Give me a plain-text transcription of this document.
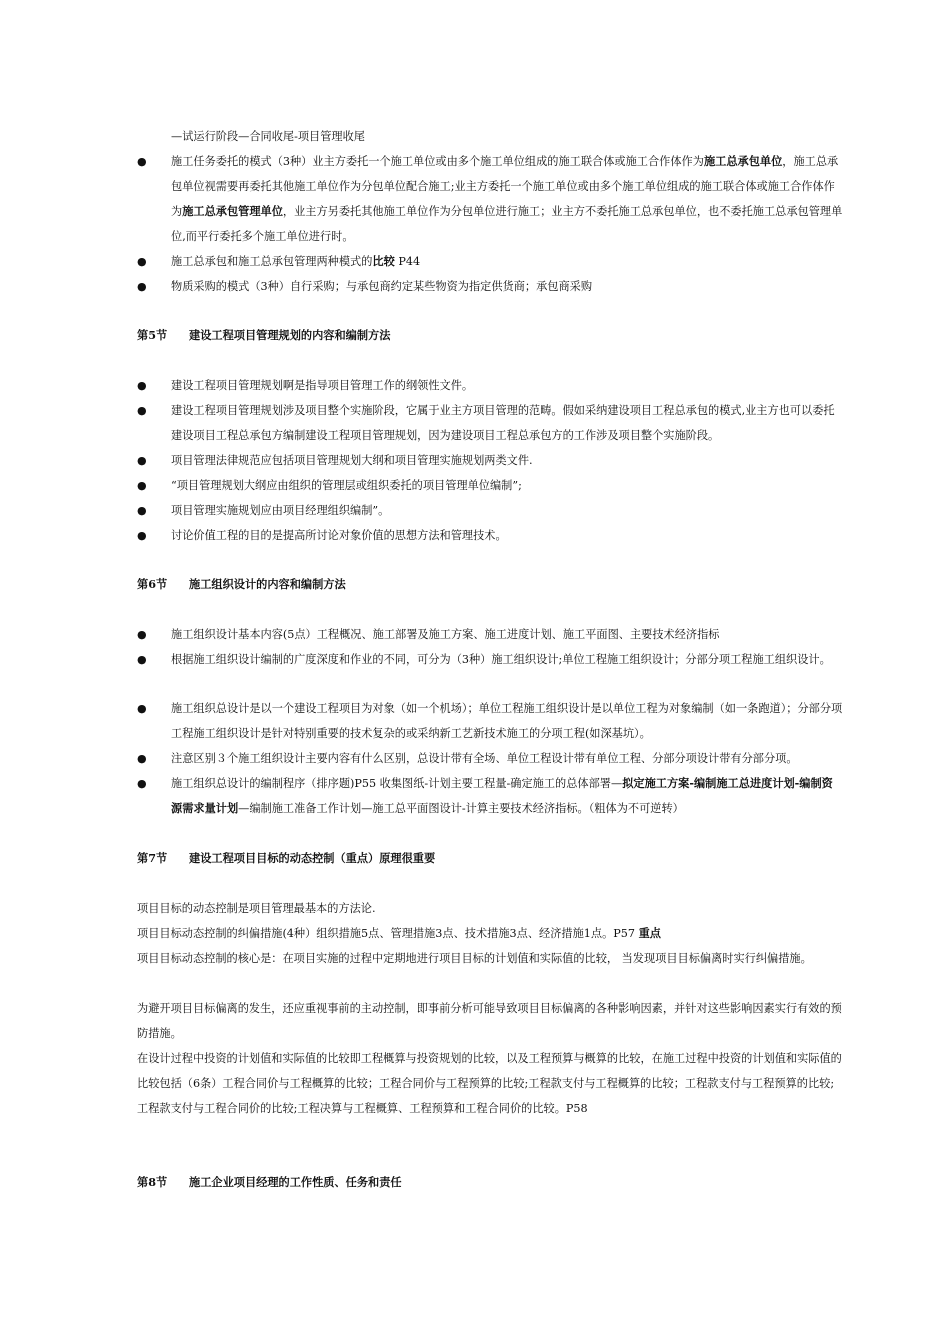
—试运行阶段—合同收尾-项目管理收尾
● 施工任务委托的模式（3种）业主方委托一个施工单位或由多个施工单位组成的施工联合体或施工合作体作为施工总承包单位，施工总承包单位视需要再委托其他施工单位作为分包单位配合施工;业主方委托一个施工单位或由多个施工单位组成的施工联合体或施工合作体作为施工总承包管理单位，业主方另委托其他施工单位作为分包单位进行施工；业主方不委托施工总承包单位，也不委托施工总承包管理单位,而平行委托多个施工单位进行时。
● 施工总承包和施工总承包管理两种模式的比较 P44
● 物质采购的模式（3种）自行采购；与承包商约定某些物资为指定供货商；承包商采购
第5节 建设工程项目管理规划的内容和编制方法
● 建设工程项目管理规划啊是指导项目管理工作的纲领性文件。
● 建设工程项目管理规划涉及项目整个实施阶段，它属于业主方项目管理的范畴。假如采纳建设项目工程总承包的模式,业主方也可以委托建设项目工程总承包方编制建设工程项目管理规划，因为建设项目工程总承包方的工作涉及项目整个实施阶段。
● 项目管理法律规范应包括项目管理规划大纲和项目管理实施规划两类文件.
● “项目管理规划大纲应由组织的管理层或组织委托的项目管理单位编制”;
● 项目管理实施规划应由项目经理组织编制”。
● 讨论价值工程的目的是提高所讨论对象价值的思想方法和管理技术。
第6节 施工组织设计的内容和编制方法
● 施工组织设计基本内容(5点）工程概况、施工部署及施工方案、施工进度计划、施工平面图、主要技术经济指标
● 根据施工组织设计编制的广度深度和作业的不同，可分为（3种）施工组织设计;单位工程施工组织设计；分部分项工程施工组织设计。
● 施工组织总设计是以一个建设工程项目为对象（如一个机场）；单位工程施工组织设计是以单位工程为对象编制（如一条跑道）；分部分项工程施工组织设计是针对特别重要的技术复杂的或采纳新工艺新技术施工的分项工程(如深基坑）。
● 注意区别３个施工组织设计主要内容有什么区别，总设计带有全场、单位工程设计带有单位工程、分部分项设计带有分部分项。
● 施工组织总设计的编制程序（排序题)P55 收集图纸-计划主要工程量-确定施工的总体部署—拟定施工方案-编制施工总进度计划-编制资源需求量计划—编制施工准备工作计划—施工总平面图设计-计算主要技术经济指标。（粗体为不可逆转）
第7节 建设工程项目目标的动态控制（重点）原理很重要
项目目标的动态控制是项目管理最基本的方法论.
项目目标动态控制的纠偏措施(4种）组织措施5点、管理措施3点、技术措施3点、经济措施1点。P57 重点
项目目标动态控制的核心是：在项目实施的过程中定期地进行项目目标的计划值和实际值的比较， 当发现项目目标偏离时实行纠偏措施。
为避开项目目标偏离的发生，还应重视事前的主动控制，即事前分析可能导致项目目标偏离的各种影响因素，并针对这些影响因素实行有效的预防措施。
在设计过程中投资的计划值和实际值的比较即工程概算与投资规划的比较，以及工程预算与概算的比较，在施工过程中投资的计划值和实际值的比较包括（6条）工程合同价与工程概算的比较；工程合同价与工程预算的比较;工程款支付与工程概算的比较；工程款支付与工程预算的比较;工程款支付与工程合同价的比较;工程决算与工程概算、工程预算和工程合同价的比较。P58
第8节 施工企业项目经理的工作性质、任务和责任
